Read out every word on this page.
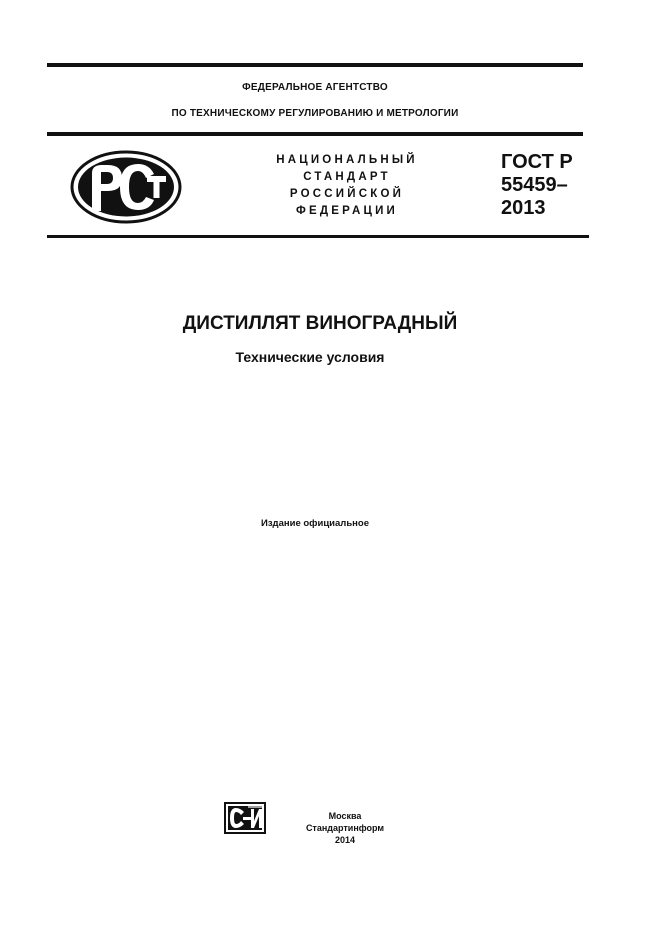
ФЕДЕРАЛЬНОЕ АГЕНТСТВО
ПО ТЕХНИЧЕСКОМУ РЕГУЛИРОВАНИЮ И МЕТРОЛОГИИ
НАЦИОНАЛЬНЫЙ
СТАНДАРТ
РОССИЙСКОЙ
ФЕДЕРАЦИИ
ГОСТ Р
55459–
2013
ДИСТИЛЛЯТ ВИНОГРАДНЫЙ
Технические условия
Издание официальное
Москва
Стандартинформ
2014
